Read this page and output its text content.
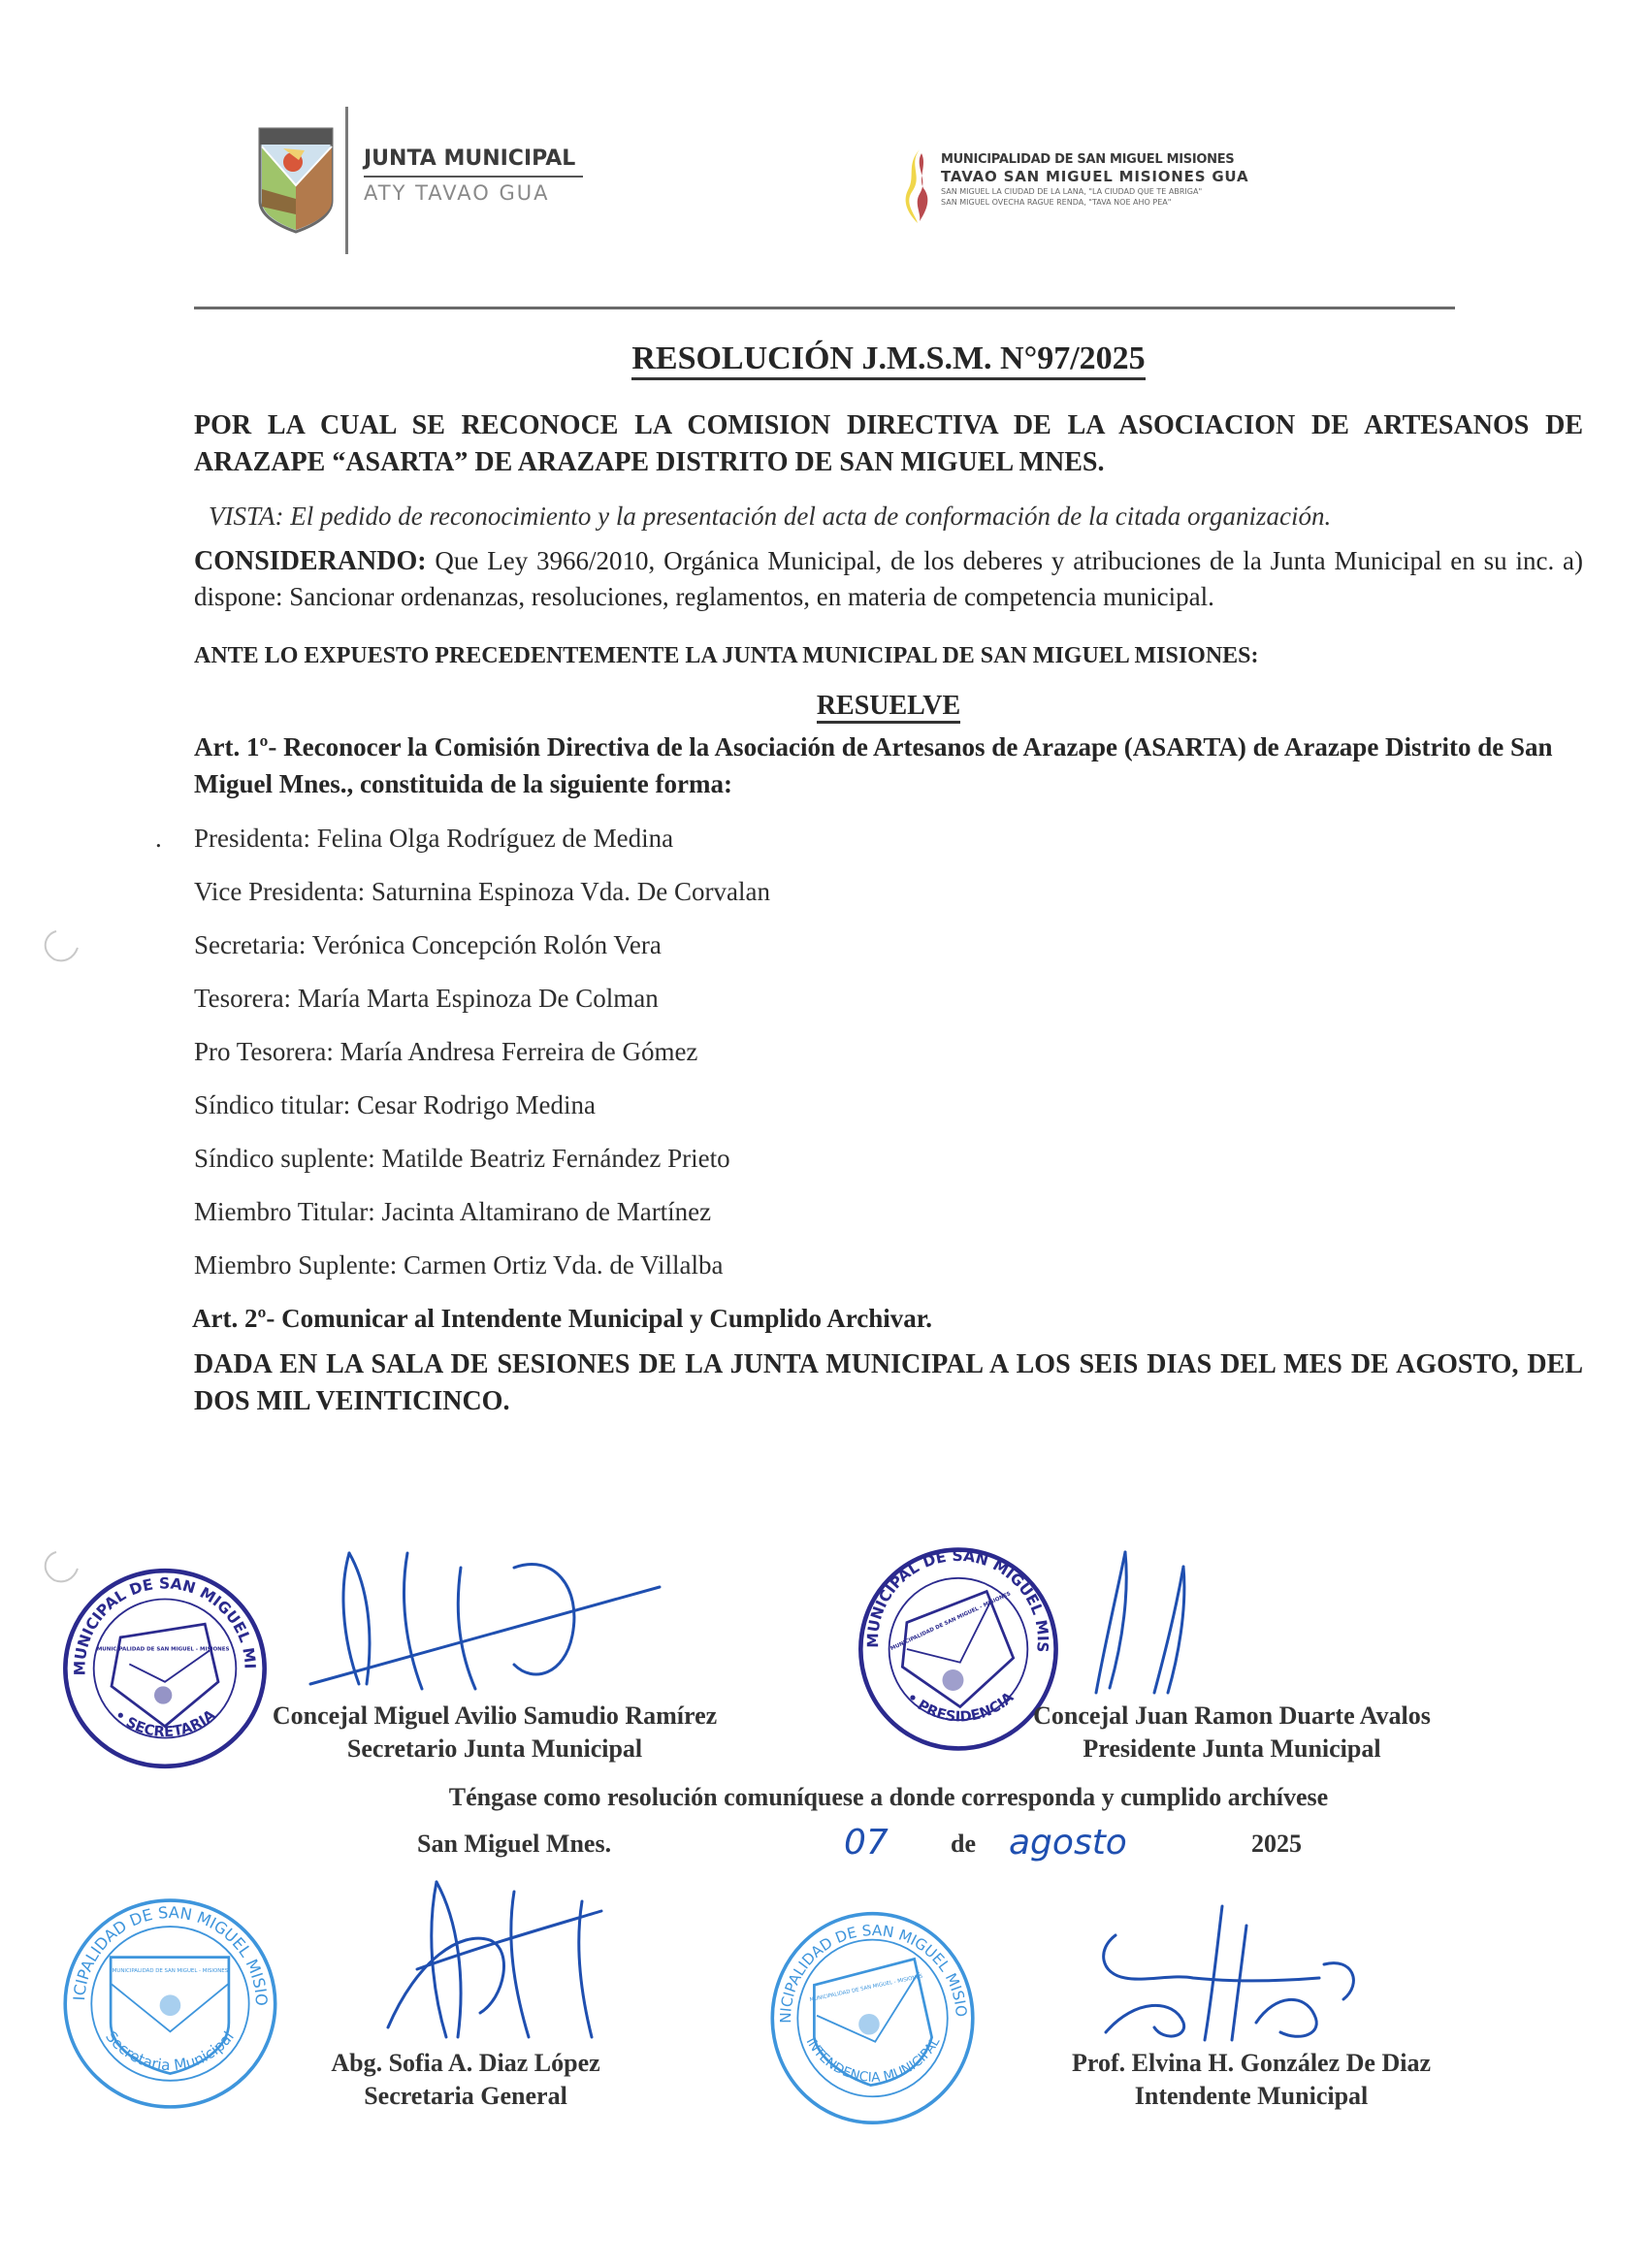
JUNTA MUNICIPAL
ATY TAVAO GUA
MUNICIPALIDAD DE SAN MIGUEL MISIONES
TAVAO SAN MIGUEL MISIONES GUA
SAN MIGUEL LA CIUDAD DE LA LANA, "LA CIUDAD QUE TE ABRIGA"
SAN MIGUEL OVECHA RAGUE RENDA, "TAVA NOE AHO PEA"
RESOLUCIÓN J.M.S.M. N°97/2025
POR LA CUAL SE RECONOCE LA COMISION DIRECTIVA DE LA ASOCIACION DE ARTESANOS DE ARAZAPE “ASARTA” DE ARAZAPE DISTRITO DE SAN MIGUEL MNES.
VISTA: El pedido de reconocimiento y la presentación del acta de conformación de la citada organización.
CONSIDERANDO: Que Ley 3966/2010, Orgánica Municipal, de los deberes y atribuciones de la Junta Municipal en su inc. a) dispone: Sancionar ordenanzas, resoluciones, reglamentos, en materia de competencia municipal.
ANTE LO EXPUESTO PRECEDENTEMENTE LA JUNTA MUNICIPAL DE SAN MIGUEL MISIONES:
RESUELVE
Art. 1º- Reconocer la Comisión Directiva de la Asociación de Artesanos de Arazape (ASARTA) de Arazape Distrito de San Miguel Mnes., constituida de la siguiente forma:
. Presidenta: Felina Olga Rodríguez de Medina
Vice Presidenta: Saturnina Espinoza Vda. De Corvalan
Secretaria: Verónica Concepción Rolón Vera
Tesorera: María Marta Espinoza De Colman
Pro Tesorera: María Andresa Ferreira de Gómez
Síndico titular: Cesar Rodrigo Medina
Síndico suplente: Matilde Beatriz Fernández Prieto
Miembro Titular: Jacinta Altamirano de Martínez
Miembro Suplente: Carmen Ortiz Vda. de Villalba
Art. 2º- Comunicar al Intendente Municipal y Cumplido Archivar.
DADA EN LA SALA DE SESIONES DE LA JUNTA MUNICIPAL A LOS SEIS DIAS DEL MES DE AGOSTO, DEL DOS MIL VEINTICINCO.
JUNTA MUNICIPAL DE SAN MIGUEL MISIONES
• SECRETARIA
MUNICIPALIDAD DE SAN MIGUEL - MISIONES
JUNTA MUNICIPAL DE SAN MIGUEL MISIONES
• PRESIDENCIA
MUNICIPALIDAD DE SAN MIGUEL - MISIONES
MUNICIPALIDAD DE SAN MIGUEL MISIONES
Secretaria Municipal
MUNICIPALIDAD DE SAN MIGUEL - MISIONES
MUNICIPALIDAD DE SAN MIGUEL MISIONES
INTENDENCIA MUNICIPAL
MUNICIPALIDAD DE SAN MIGUEL - MISIONES
Concejal Miguel Avilio Samudio Ramírez
Secretario Junta Municipal
Concejal Juan Ramon Duarte Avalos
Presidente Junta Municipal
Téngase como resolución comuníquese a donde corresponda y cumplido archívese
San Miguel Mnes.	07 de agosto	2025
Abg. Sofia A. Diaz López
Secretaria General
Prof. Elvina H. González De Diaz
Intendente Municipal
